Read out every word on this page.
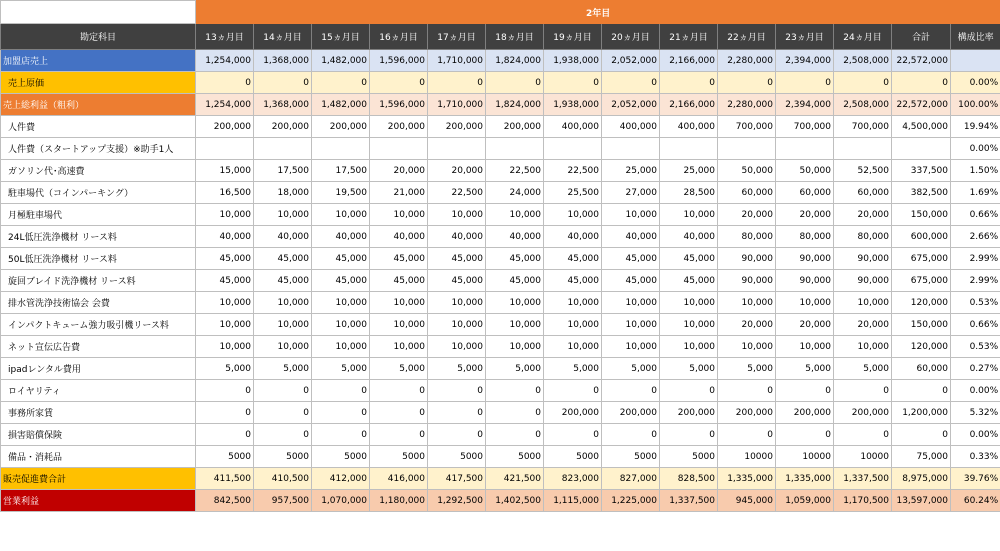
	2年目													
勘定科目	13ヵ月目	14ヵ月目	15ヵ月目	16ヵ月目	17ヵ月目	18ヵ月目	19ヵ月目	20ヵ月目	21ヵ月目	22ヵ月目	23ヵ月目	24ヵ月目	合計	構成比率
加盟店売上	1,254,000	1,368,000	1,482,000	1,596,000	1,710,000	1,824,000	1,938,000	2,052,000	2,166,000	2,280,000	2,394,000	2,508,000	22,572,000	
売上原価	0	0	0	0	0	0	0	0	0	0	0	0	0	0.00%
売上総利益（粗利）	1,254,000	1,368,000	1,482,000	1,596,000	1,710,000	1,824,000	1,938,000	2,052,000	2,166,000	2,280,000	2,394,000	2,508,000	22,572,000	100.00%
人件費	200,000	200,000	200,000	200,000	200,000	200,000	400,000	400,000	400,000	700,000	700,000	700,000	4,500,000	19.94%
人件費（スタートアップ支援）※助手1人														0.00%
ガソリン代･高速費	15,000	17,500	17,500	20,000	20,000	22,500	22,500	25,000	25,000	50,000	50,000	52,500	337,500	1.50%
駐車場代（コインパーキング）	16,500	18,000	19,500	21,000	22,500	24,000	25,500	27,000	28,500	60,000	60,000	60,000	382,500	1.69%
月極駐車場代	10,000	10,000	10,000	10,000	10,000	10,000	10,000	10,000	10,000	20,000	20,000	20,000	150,000	0.66%
24L低圧洗浄機材 リース料	40,000	40,000	40,000	40,000	40,000	40,000	40,000	40,000	40,000	80,000	80,000	80,000	600,000	2.66%
50L低圧洗浄機材 リース料	45,000	45,000	45,000	45,000	45,000	45,000	45,000	45,000	45,000	90,000	90,000	90,000	675,000	2.99%
旋回ブレイド洗浄機材 リース料	45,000	45,000	45,000	45,000	45,000	45,000	45,000	45,000	45,000	90,000	90,000	90,000	675,000	2.99%
排水管洗浄技術協会 会費	10,000	10,000	10,000	10,000	10,000	10,000	10,000	10,000	10,000	10,000	10,000	10,000	120,000	0.53%
インパクトキューム強力吸引機リース料	10,000	10,000	10,000	10,000	10,000	10,000	10,000	10,000	10,000	20,000	20,000	20,000	150,000	0.66%
ネット宣伝広告費	10,000	10,000	10,000	10,000	10,000	10,000	10,000	10,000	10,000	10,000	10,000	10,000	120,000	0.53%
ipadレンタル費用	5,000	5,000	5,000	5,000	5,000	5,000	5,000	5,000	5,000	5,000	5,000	5,000	60,000	0.27%
ロイヤリティ	0	0	0	0	0	0	0	0	0	0	0	0	0	0.00%
事務所家賃	0	0	0	0	0	0	200,000	200,000	200,000	200,000	200,000	200,000	1,200,000	5.32%
損害賠償保険	0	0	0	0	0	0	0	0	0	0	0	0	0	0.00%
備品・消耗品	5000	5000	5000	5000	5000	5000	5000	5000	5000	10000	10000	10000	75,000	0.33%
販売促進費合計	411,500	410,500	412,000	416,000	417,500	421,500	823,000	827,000	828,500	1,335,000	1,335,000	1,337,500	8,975,000	39.76%
営業利益	842,500	957,500	1,070,000	1,180,000	1,292,500	1,402,500	1,115,000	1,225,000	1,337,500	945,000	1,059,000	1,170,500	13,597,000	60.24%
